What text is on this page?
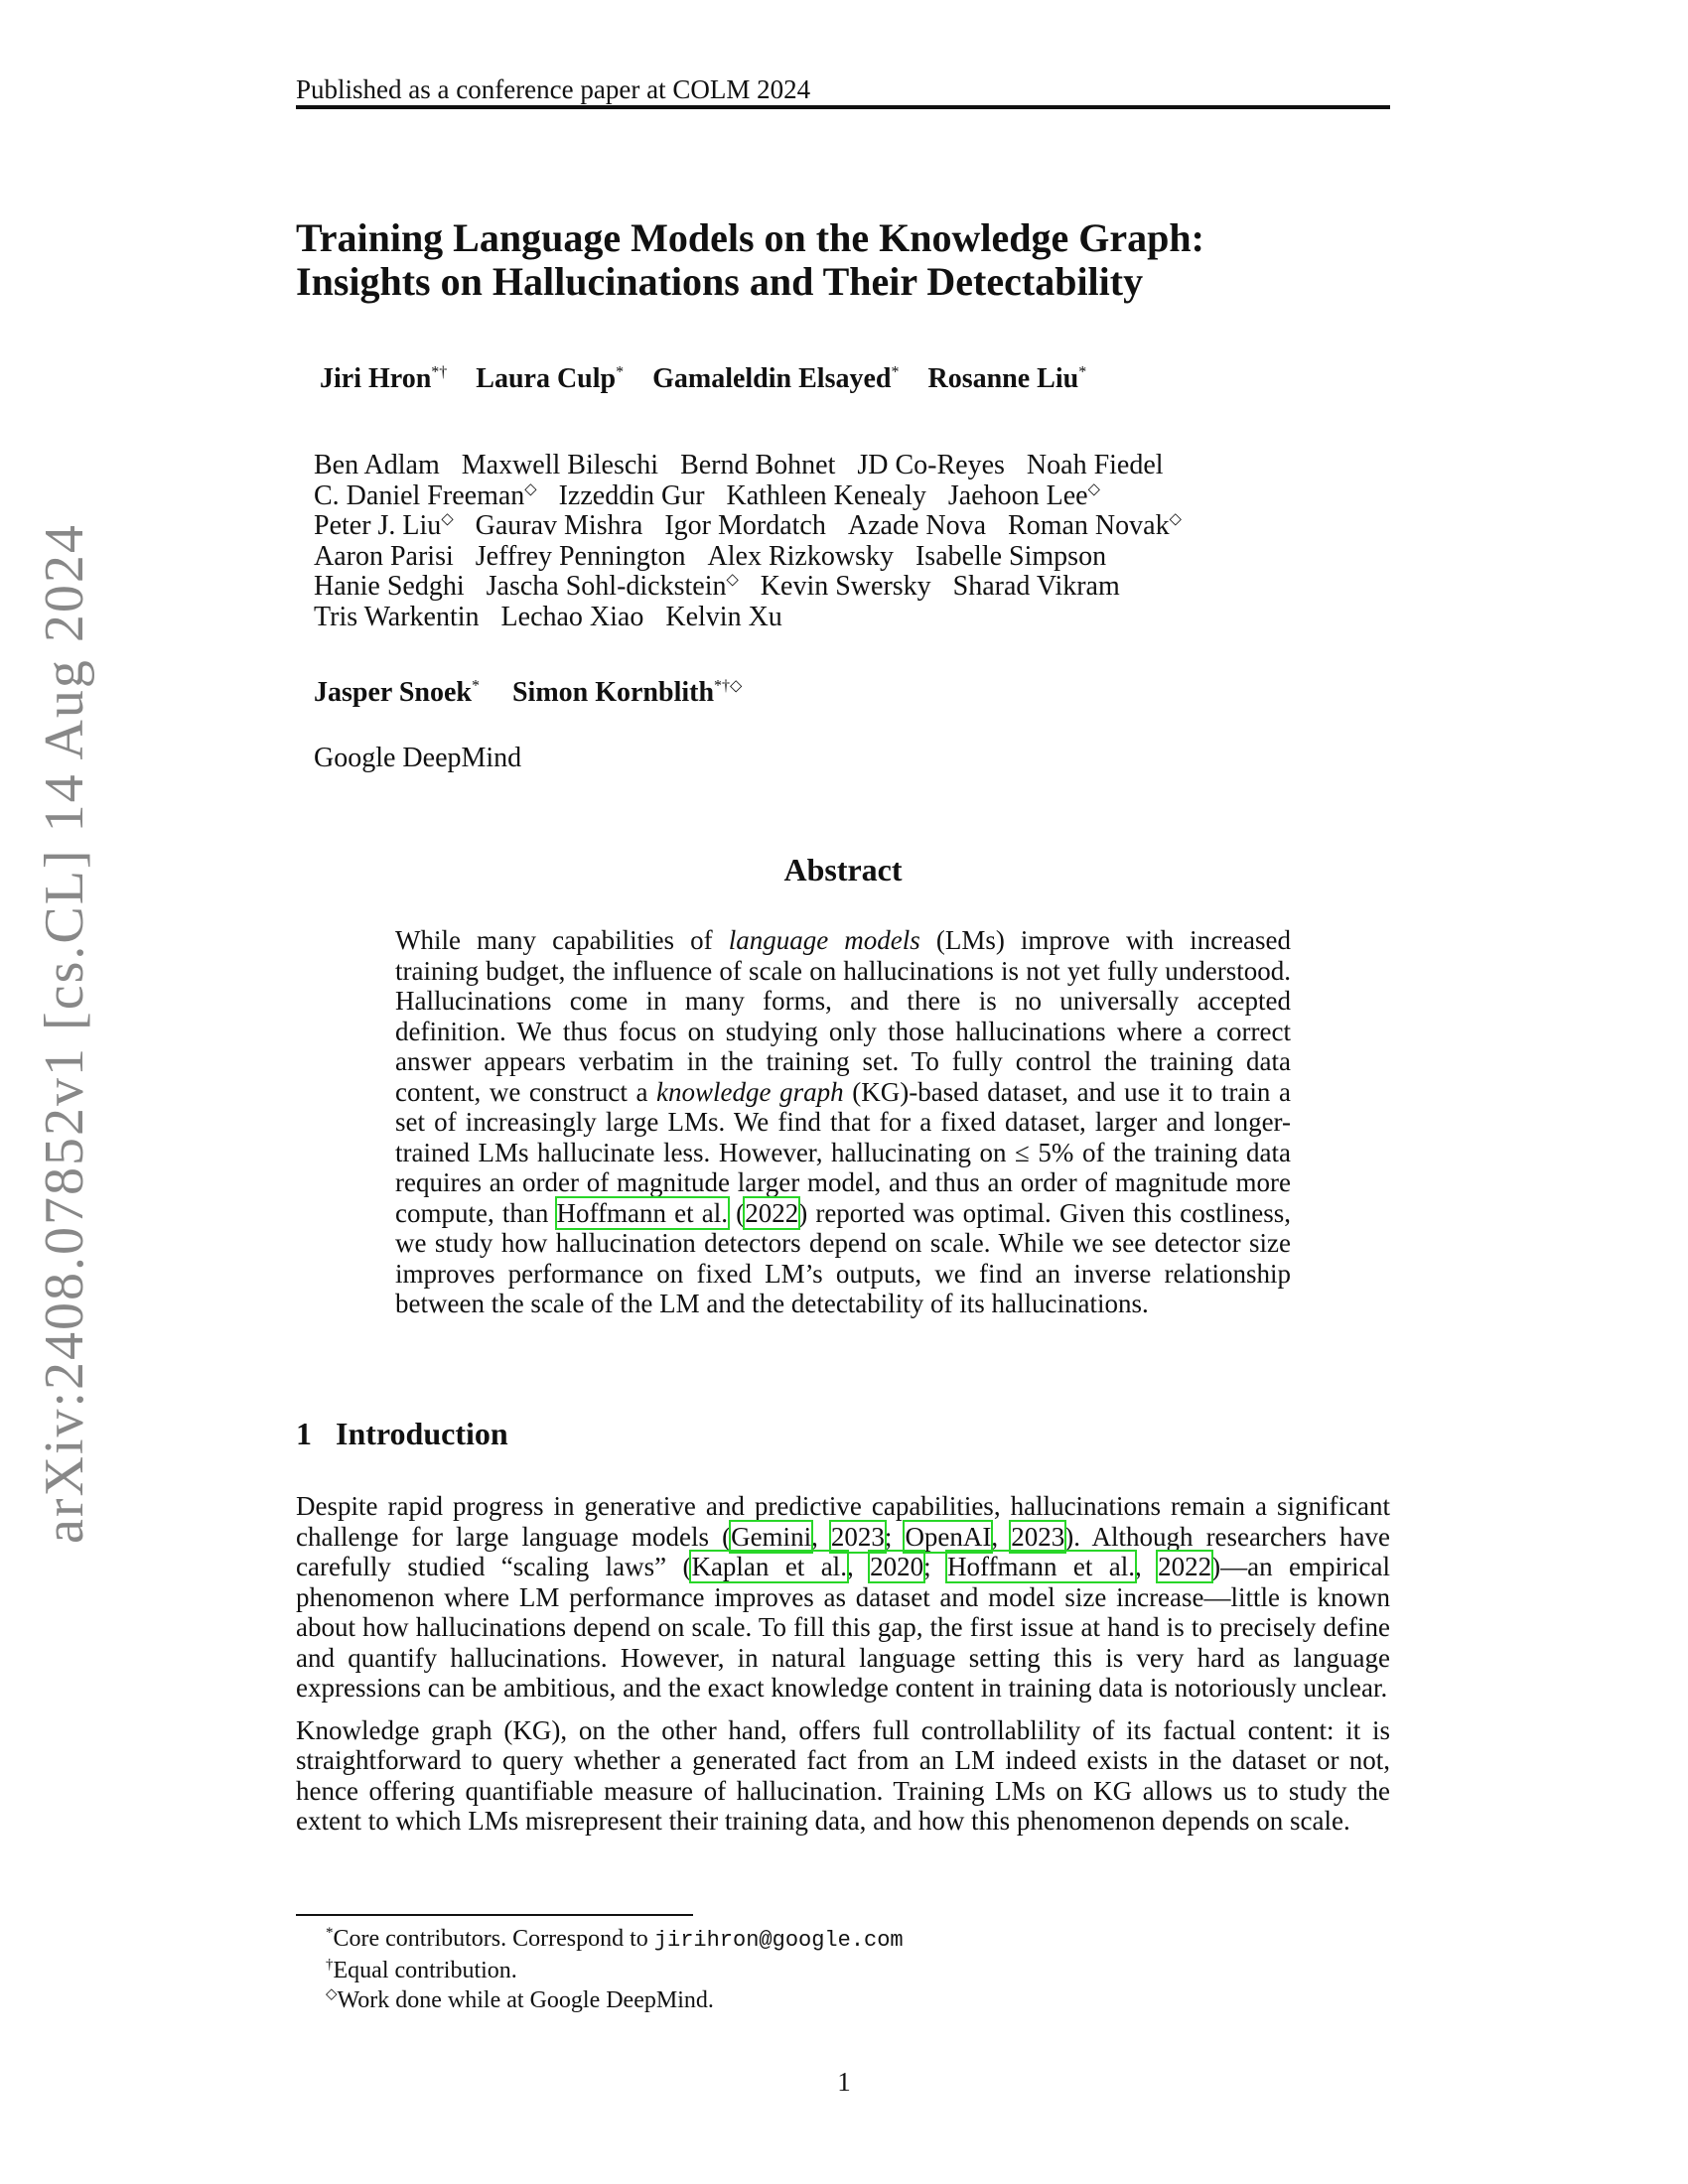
Published as a conference paper at COLM 2024
arXiv:2408.07852v1 [cs.CL] 14 Aug 2024
Training Language Models on the Knowledge Graph:
Insights on Hallucinations and Their Detectability
Jiri Hron*† Laura Culp* Gamaleldin Elsayed* Rosanne Liu*
Ben Adlam Maxwell Bileschi Bernd Bohnet JD Co-Reyes Noah Fiedel
C. Daniel Freeman◇ Izzeddin Gur Kathleen Kenealy Jaehoon Lee◇
Peter J. Liu◇ Gaurav Mishra Igor Mordatch Azade Nova Roman Novak◇
Aaron Parisi Jeffrey Pennington Alex Rizkowsky Isabelle Simpson
Hanie Sedghi Jascha Sohl-dickstein◇ Kevin Swersky Sharad Vikram
Tris Warkentin Lechao Xiao Kelvin Xu
Jasper Snoek* Simon Kornblith*†◇
Google DeepMind
Abstract

While many capabilities of language models (LMs) improve with increased training budget, the influence of scale on hallucinations is not yet fully understood. Hallucinations come in many forms, and there is no universally accepted definition. We thus focus on studying only those hallucinations where a correct answer appears verbatim in the training set. To fully control the training data content, we construct a knowledge graph (KG)-based dataset, and use it to train a set of increasingly large LMs. We find that for a fixed dataset, larger and longer-trained LMs hallucinate less. However, hallucinating on ≤ 5% of the training data requires an order of magnitude larger model, and thus an order of magnitude more compute, than Hoffmann et al. (2022) reported was optimal. Given this costliness, we study how hallucination detectors depend on scale. While we see detector size improves performance on fixed LM’s outputs, we find an inverse relationship between the scale of the LM and the detectability of its hallucinations.

1 Introduction

Despite rapid progress in generative and predictive capabilities, hallucinations remain a significant challenge for large language models (Gemini, 2023; OpenAI, 2023). Although researchers have carefully studied “scaling laws” (Kaplan et al., 2020; Hoffmann et al., 2022)—an empirical phenomenon where LM performance improves as dataset and model size increase—little is known about how hallucinations depend on scale. To fill this gap, the first issue at hand is to precisely define and quantify hallucinations. However, in natural language setting this is very hard as language expressions can be ambitious, and the exact knowledge content in training data is notoriously unclear.

Knowledge graph (KG), on the other hand, offers full controllablility of its factual content: it is straightforward to query whether a generated fact from an LM indeed exists in the dataset or not, hence offering quantifiable measure of hallucination. Training LMs on KG allows us to study the extent to which LMs misrepresent their training data, and how this phenomenon depends on scale.

*Core contributors. Correspond to jirihron@google.com
†Equal contribution.
◇Work done while at Google DeepMind.
1
